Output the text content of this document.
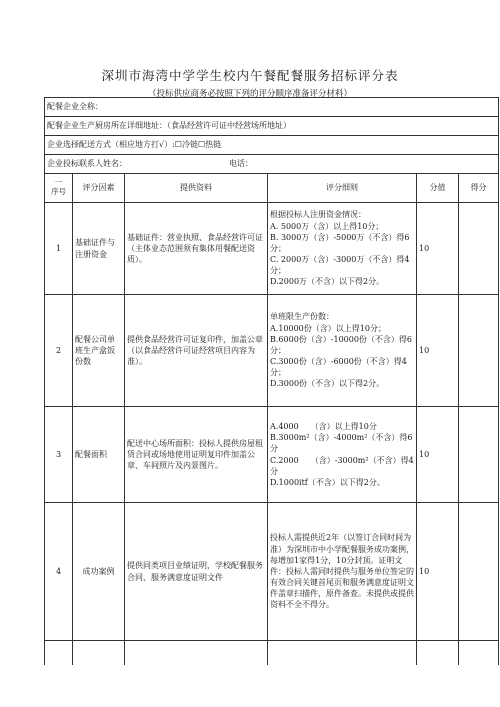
深圳市海湾中学学生校内午餐配餐服务招标评分表
（投标供应商务必按照下列的评分顺序准备评分材料）
配餐企业全称：					
配餐企业生产厨房所在详细地址：（食品经营许可证中经营场所地址）					
企业选择配送方式（相应地方打√）:☐冷链☐热链					
企业投标联系人姓名： 电话：					

一
序号	评分因素	提供资料	评分细则	分值	得分
1	基础证件与注册资金	基础证件：营业执照、食品经营许可证（主体业态范围须有集体用餐配送资质）。	根据投标人注册资金情况：
A. 5000万（含）以上得10分；
B. 3000万（含）-5000万（不含）得6分；
C. 2000万（含）-3000万（不含）得4分；
D.2000万（不含）以下得2分。	10	
2	配餐公司单班生产盒饭份数	提供食品经营许可证复印件，加盖公章（以食品经营许可证经营项目内容为准）。	单班限生产份数：
A.10000份（含）以上得10分；
B.6000份（含）-10000份（不含）得6分；
C.3000份（含）-6000份（不含）得4分；
D.3000份（不含）以下得2分。	10	
3	配餐面积	配送中心场所面积：投标人提供房屋租赁合同或场地使用证明复印件加盖公章、车间照片及内景图片。	A.4000　　（含）以上得10分
B.3000m²（含）-4000m²（不含）得6分
C.2000　　（含）-3000m²（不含）得4分
D.1000itf（不含）以下得2分。	10	
4	成功案例	提供同类项目业绩证明，学校配餐服务合同、服务满意度证明文件	投标人需提供近2年（以签订合同时间为准）为深圳市中小学配餐服务成功案例，每增加1家得1分，10分封顶。证明文件：投标人需同时提供与服务单位签定的有效合同关键首尾页和服务满意度证明文件盖章扫描件，原件备查。未提供或提供资料不全不得分。	10	
